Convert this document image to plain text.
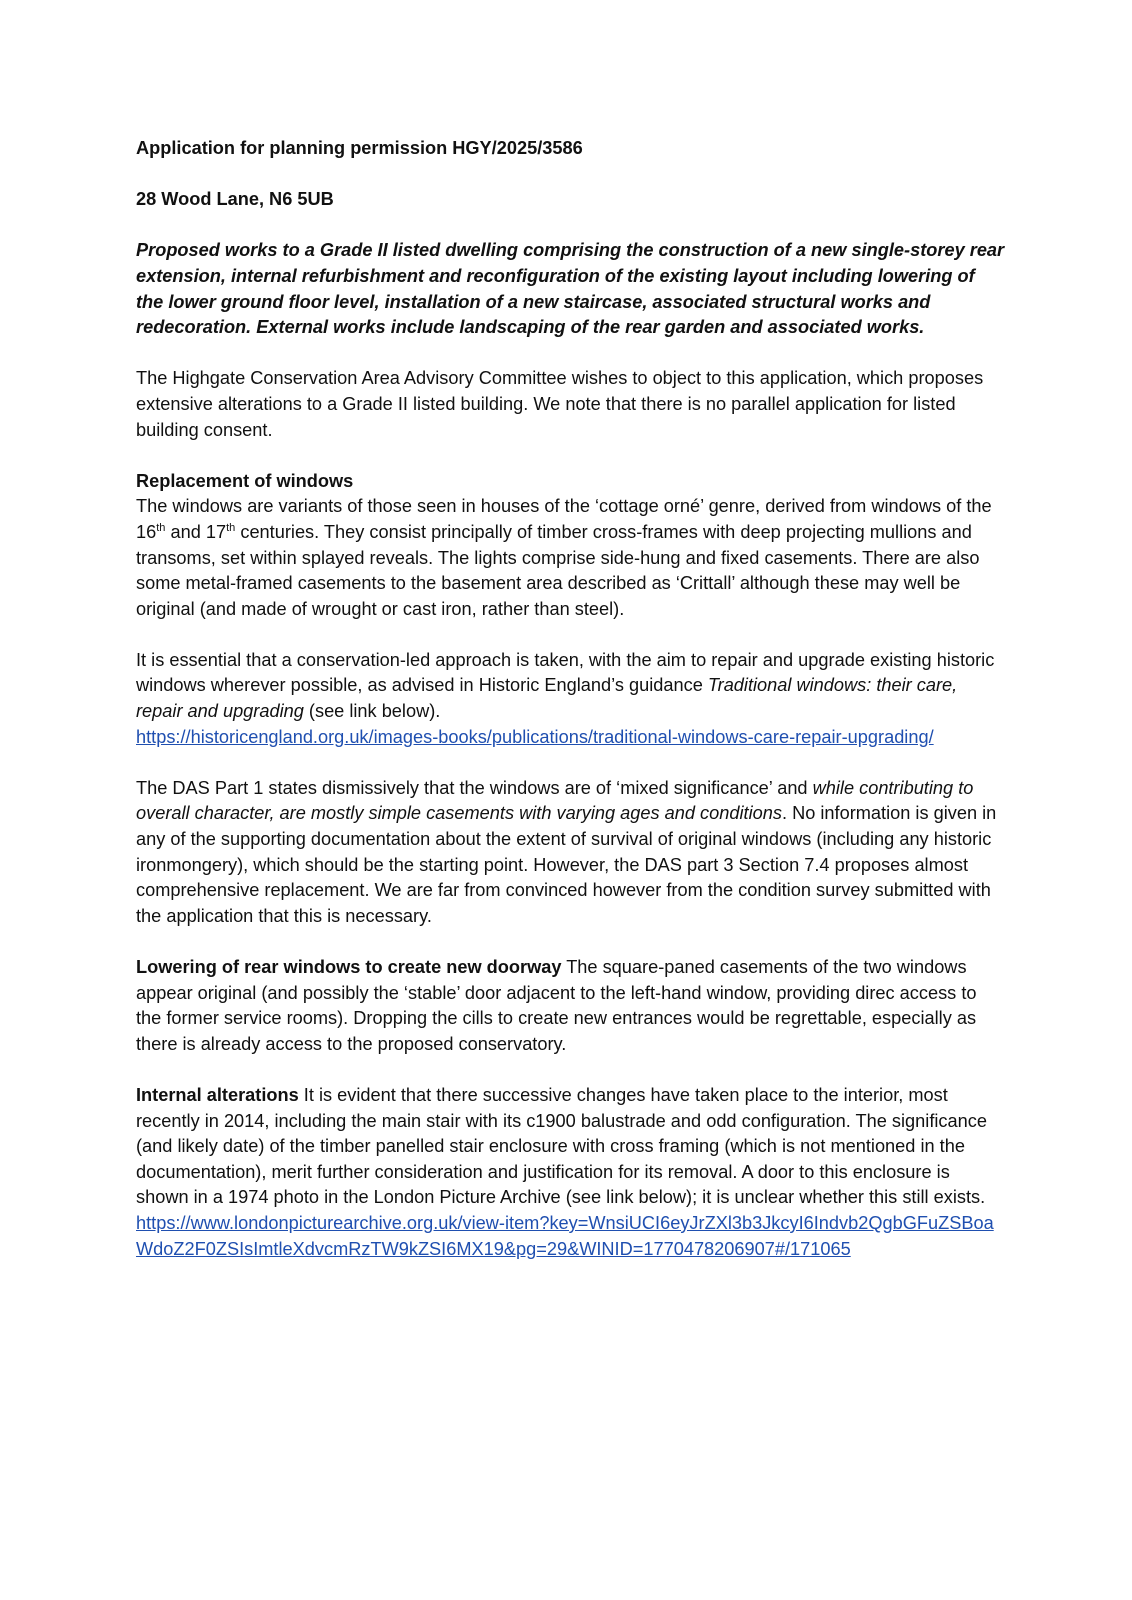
Application for planning permission HGY/2025/3586

28 Wood Lane, N6 5UB

Proposed works to a Grade II listed dwelling comprising the construction of a new single-storey rear extension, internal refurbishment and reconfiguration of the existing layout including lowering of the lower ground floor level, installation of a new staircase, associated structural works and redecoration. External works include landscaping of the rear garden and associated works.

The Highgate Conservation Area Advisory Committee wishes to object to this application, which proposes extensive alterations to a Grade II listed building. We note that there is no parallel application for listed building consent.

Replacement of windows
The windows are variants of those seen in houses of the ‘cottage orné’ genre, derived from windows of the 16th and 17th centuries. They consist principally of timber cross-frames with deep projecting mullions and transoms, set within splayed reveals. The lights comprise side-hung and fixed casements. There are also some metal-framed casements to the basement area described as ‘Crittall’ although these may well be original (and made of wrought or cast iron, rather than steel).

It is essential that a conservation-led approach is taken, with the aim to repair and upgrade existing historic windows wherever possible, as advised in Historic England’s guidance Traditional windows: their care, repair and upgrading (see link below).
https://historicengland.org.uk/images-books/publications/traditional-windows-care-repair-upgrading/

The DAS Part 1 states dismissively that the windows are of ‘mixed significance’ and while contributing to overall character, are mostly simple casements with varying ages and conditions. No information is given in any of the supporting documentation about the extent of survival of original windows (including any historic ironmongery), which should be the starting point. However, the DAS part 3 Section 7.4 proposes almost comprehensive replacement. We are far from convinced however from the condition survey submitted with the application that this is necessary.

Lowering of rear windows to create new doorway The square-paned casements of the two windows appear original (and possibly the ‘stable’ door adjacent to the left-hand window, providing direc access to the former service rooms). Dropping the cills to create new entrances would be regrettable, especially as there is already access to the proposed conservatory.

Internal alterations It is evident that there successive changes have taken place to the interior, most recently in 2014, including the main stair with its c1900 balustrade and odd configuration. The significance (and likely date) of the timber panelled stair enclosure with cross framing (which is not mentioned in the documentation), merit further consideration and justification for its removal. A door to this enclosure is shown in a 1974 photo in the London Picture Archive (see link below); it is unclear whether this still exists.
https://www.londonpicturearchive.org.uk/view-item?key=WnsiUCI6eyJrZXl3b3JkcyI6Indvb2QgbGFuZSBoaWdoZ2F0ZSIsImtleXdvcmRzTW9kZSI6MX19&pg=29&WINID=1770478206907#/171065
